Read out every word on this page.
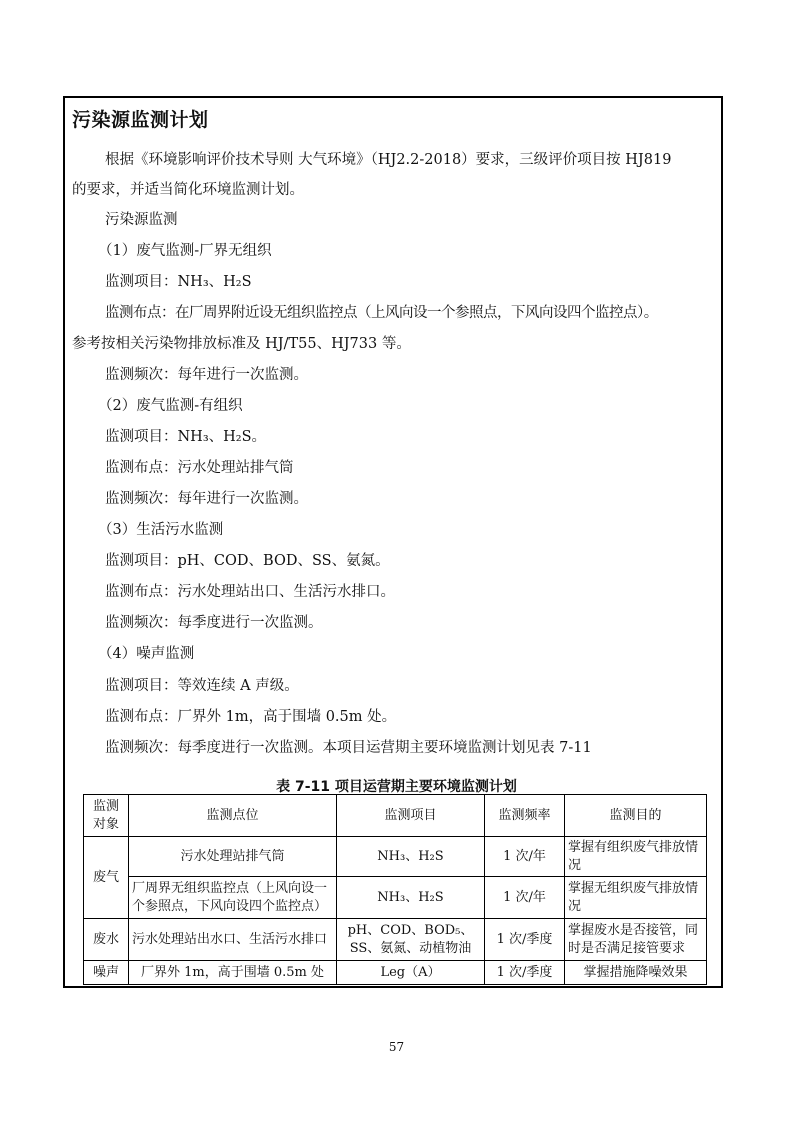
污染源监测计划
根据《环境影响评价技术导则 大气环境》（HJ2.2-2018）要求，三级评价项目按 HJ819
的要求，并适当简化环境监测计划。
污染源监测
（1）废气监测-厂界无组织
监测项目：NH₃、H₂S
监测布点：在厂周界附近设无组织监控点（上风向设一个参照点，下风向设四个监控点）。
参考按相关污染物排放标准及 HJ/T55、HJ733 等。
监测频次：每年进行一次监测。
（2）废气监测-有组织
监测项目：NH₃、H₂S。
监测布点：污水处理站排气筒
监测频次：每年进行一次监测。
（3）生活污水监测
监测项目：pH、COD、BOD、SS、氨氮。
监测布点：污水处理站出口、生活污水排口。
监测频次：每季度进行一次监测。
（4）噪声监测
监测项目：等效连续 A 声级。
监测布点：厂界外 1m，高于围墙 0.5m 处。
监测频次：每季度进行一次监测。本项目运营期主要环境监测计划见表 7-11
表 7-11 项目运营期主要环境监测计划
监测对象	监测点位	监测项目	监测频率	监测目的
废气	污水处理站排气筒	NH₃、H₂S	1 次/年	掌握有组织废气排放情况
	厂周界无组织监控点（上风向设一个参照点，下风向设四个监控点）	NH₃、H₂S	1 次/年	掌握无组织废气排放情况
废水	污水处理站出水口、生活污水排口	pH、COD、BOD₅、SS、氨氮、动植物油	1 次/季度	掌握废水是否接管，同时是否满足接管要求
噪声	厂界外 1m，高于围墙 0.5m 处	Leg（A）	1 次/季度	掌握措施降噪效果
57
